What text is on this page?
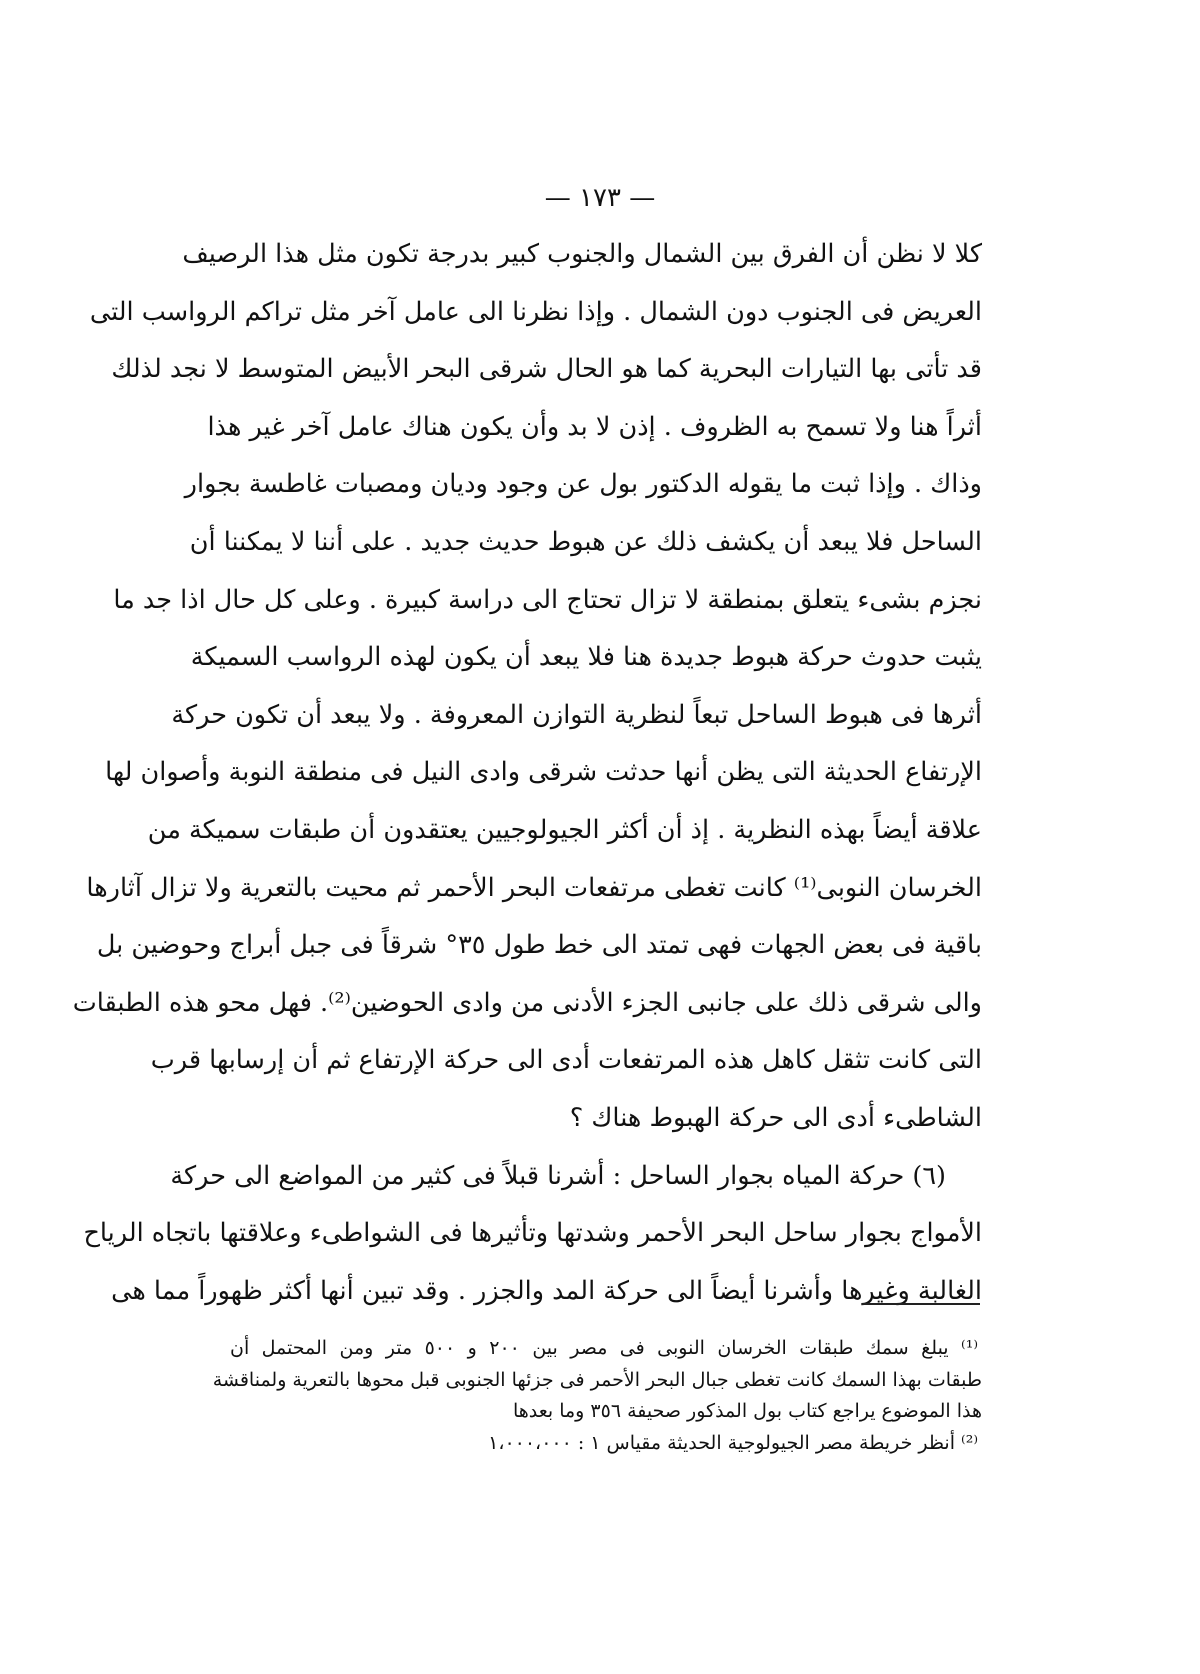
— ١٧٣ —
كلا لا نظن أن الفرق بين الشمال والجنوب كبير بدرجة تكون مثل هذا الرصيف
العريض فى الجنوب دون الشمال . وإذا نظرنا الى عامل آخر مثل تراكم الرواسب التى
قد تأتى بها التيارات البحرية كما هو الحال شرقى البحر الأبيض المتوسط لا نجد لذلك
أثراً هنا ولا تسمح به الظروف . إذن لا بد وأن يكون هناك عامل آخر غير هذا
وذاك . وإذا ثبت ما يقوله الدكتور بول عن وجود وديان ومصبات غاطسة بجوار
الساحل فلا يبعد أن يكشف ذلك عن هبوط حديث جديد . على أننا لا يمكننا أن
نجزم بشىء يتعلق بمنطقة لا تزال تحتاج الى دراسة كبيرة . وعلى كل حال اذا جد ما
يثبت حدوث حركة هبوط جديدة هنا فلا يبعد أن يكون لهذه الرواسب السميكة
أثرها فى هبوط الساحل تبعاً لنظرية التوازن المعروفة . ولا يبعد أن تكون حركة
الإرتفاع الحديثة التى يظن أنها حدثت شرقى وادى النيل فى منطقة النوبة وأصوان لها
علاقة أيضاً بهذه النظرية . إذ أن أكثر الجيولوجيين يعتقدون أن طبقات سميكة من
الخرسان النوبى⁽¹⁾ كانت تغطى مرتفعات البحر الأحمر ثم محيت بالتعرية ولا تزال آثارها
باقية فى بعض الجهات فهى تمتد الى خط طول ٣٥° شرقاً فى جبل أبراج وحوضين بل
والى شرقى ذلك على جانبى الجزء الأدنى من وادى الحوضين⁽²⁾. فهل محو هذه الطبقات
التى كانت تثقل كاهل هذه المرتفعات أدى الى حركة الإرتفاع ثم أن إرسابها قرب
الشاطىء أدى الى حركة الهبوط هناك ؟
(٦) حركة المياه بجوار الساحل : أشرنا قبلاً فى كثير من المواضع الى حركة
الأمواج بجوار ساحل البحر الأحمر وشدتها وتأثيرها فى الشواطىء وعلاقتها باتجاه الرياح
الغالبة وغيرها وأشرنا أيضاً الى حركة المد والجزر . وقد تبين أنها أكثر ظهوراً مما هى
⁽¹⁾ يبلغ سمك طبقات الخرسان النوبى فى مصر بين ٢٠٠ و ٥٠٠ متر ومن المحتمل أن
طبقات بهذا السمك كانت تغطى جبال البحر الأحمر فى جزئها الجنوبى قبل محوها بالتعرية ولمناقشة
هذا الموضوع يراجع كتاب بول المذكور صحيفة ٣٥٦ وما بعدها
⁽²⁾ أنظر خريطة مصر الجيولوجية الحديثة مقياس ١ : ١،٠٠٠،٠٠٠
